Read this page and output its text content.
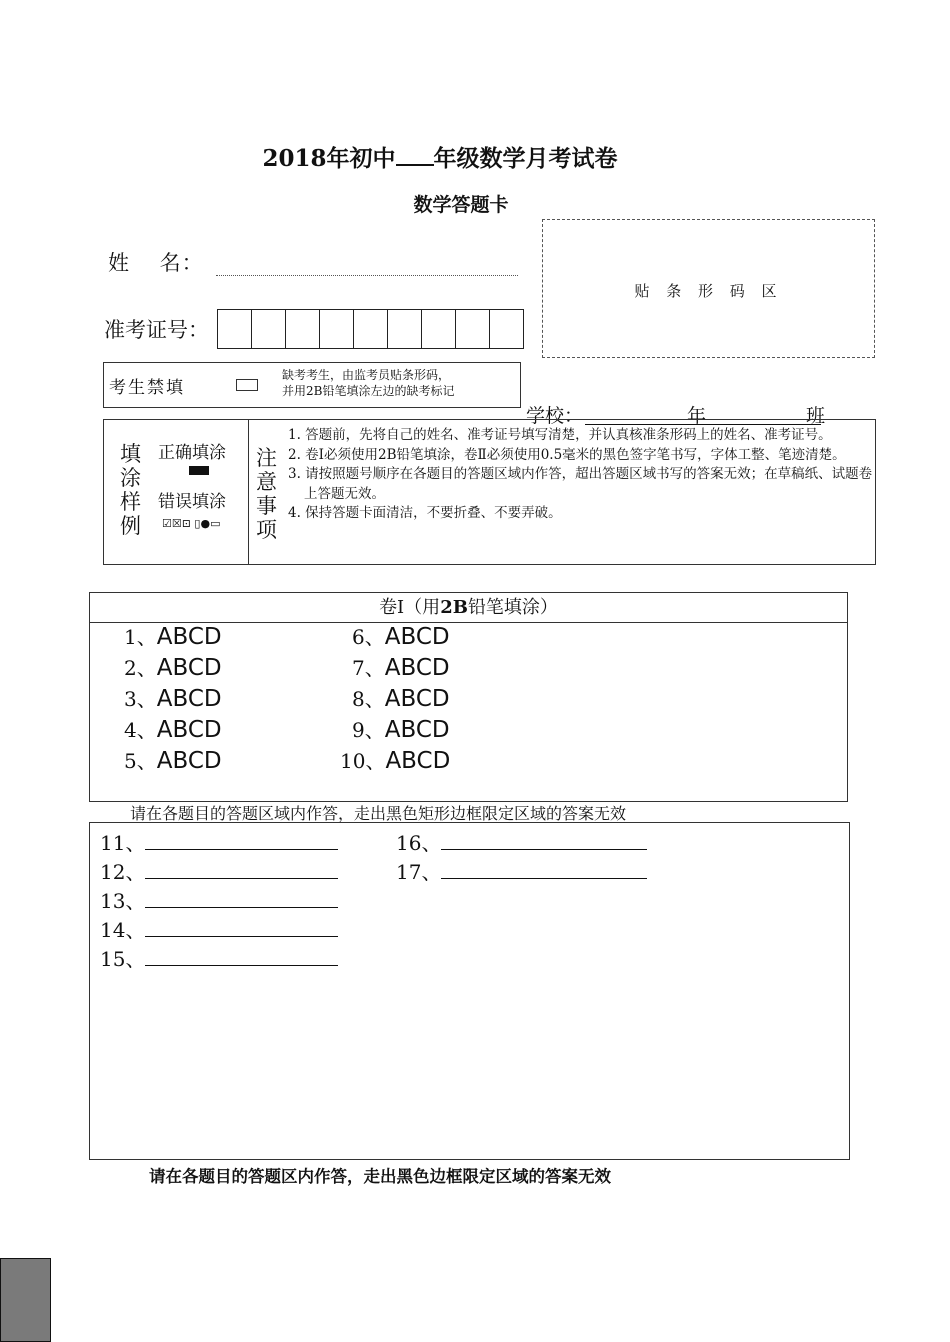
2018年初中 年级数学月考试卷
数学答题卡
姓　 名：
准考证号：
贴 条 形 码 区
考生禁填
缺考考生，由监考员贴条形码，
并用2B铅笔填涂左边的缺考标记
学校：	年	班
填涂样例
正确填涂
错误填涂
☑☒⊡ ▯●▭
注意事项
1. 答题前，先将自己的姓名、准考证号填写清楚，并认真核准条形码上的姓名、准考证号。
2. 卷Ⅰ必须使用2B铅笔填涂，卷Ⅱ必须使用0.5毫米的黑色签字笔书写，字体工整、笔迹清楚。
3. 请按照题号顺序在各题目的答题区域内作答，超出答题区域书写的答案无效；在草稿纸、试题卷上答题无效。
4. 保持答题卡面清洁，不要折叠、不要弄破。
卷Ⅰ（用2B铅笔填涂）
1、ABCD
2、ABCD
3、ABCD
4、ABCD
5、ABCD
6、ABCD
7、ABCD
8、ABCD
9、ABCD
10、ABCD
请在各题目的答题区域内作答，走出黑色矩形边框限定区域的答案无效
11、
12、
13、
14、
15、
16、
17、
请在各题目的答题区内作答，走出黑色边框限定区域的答案无效
